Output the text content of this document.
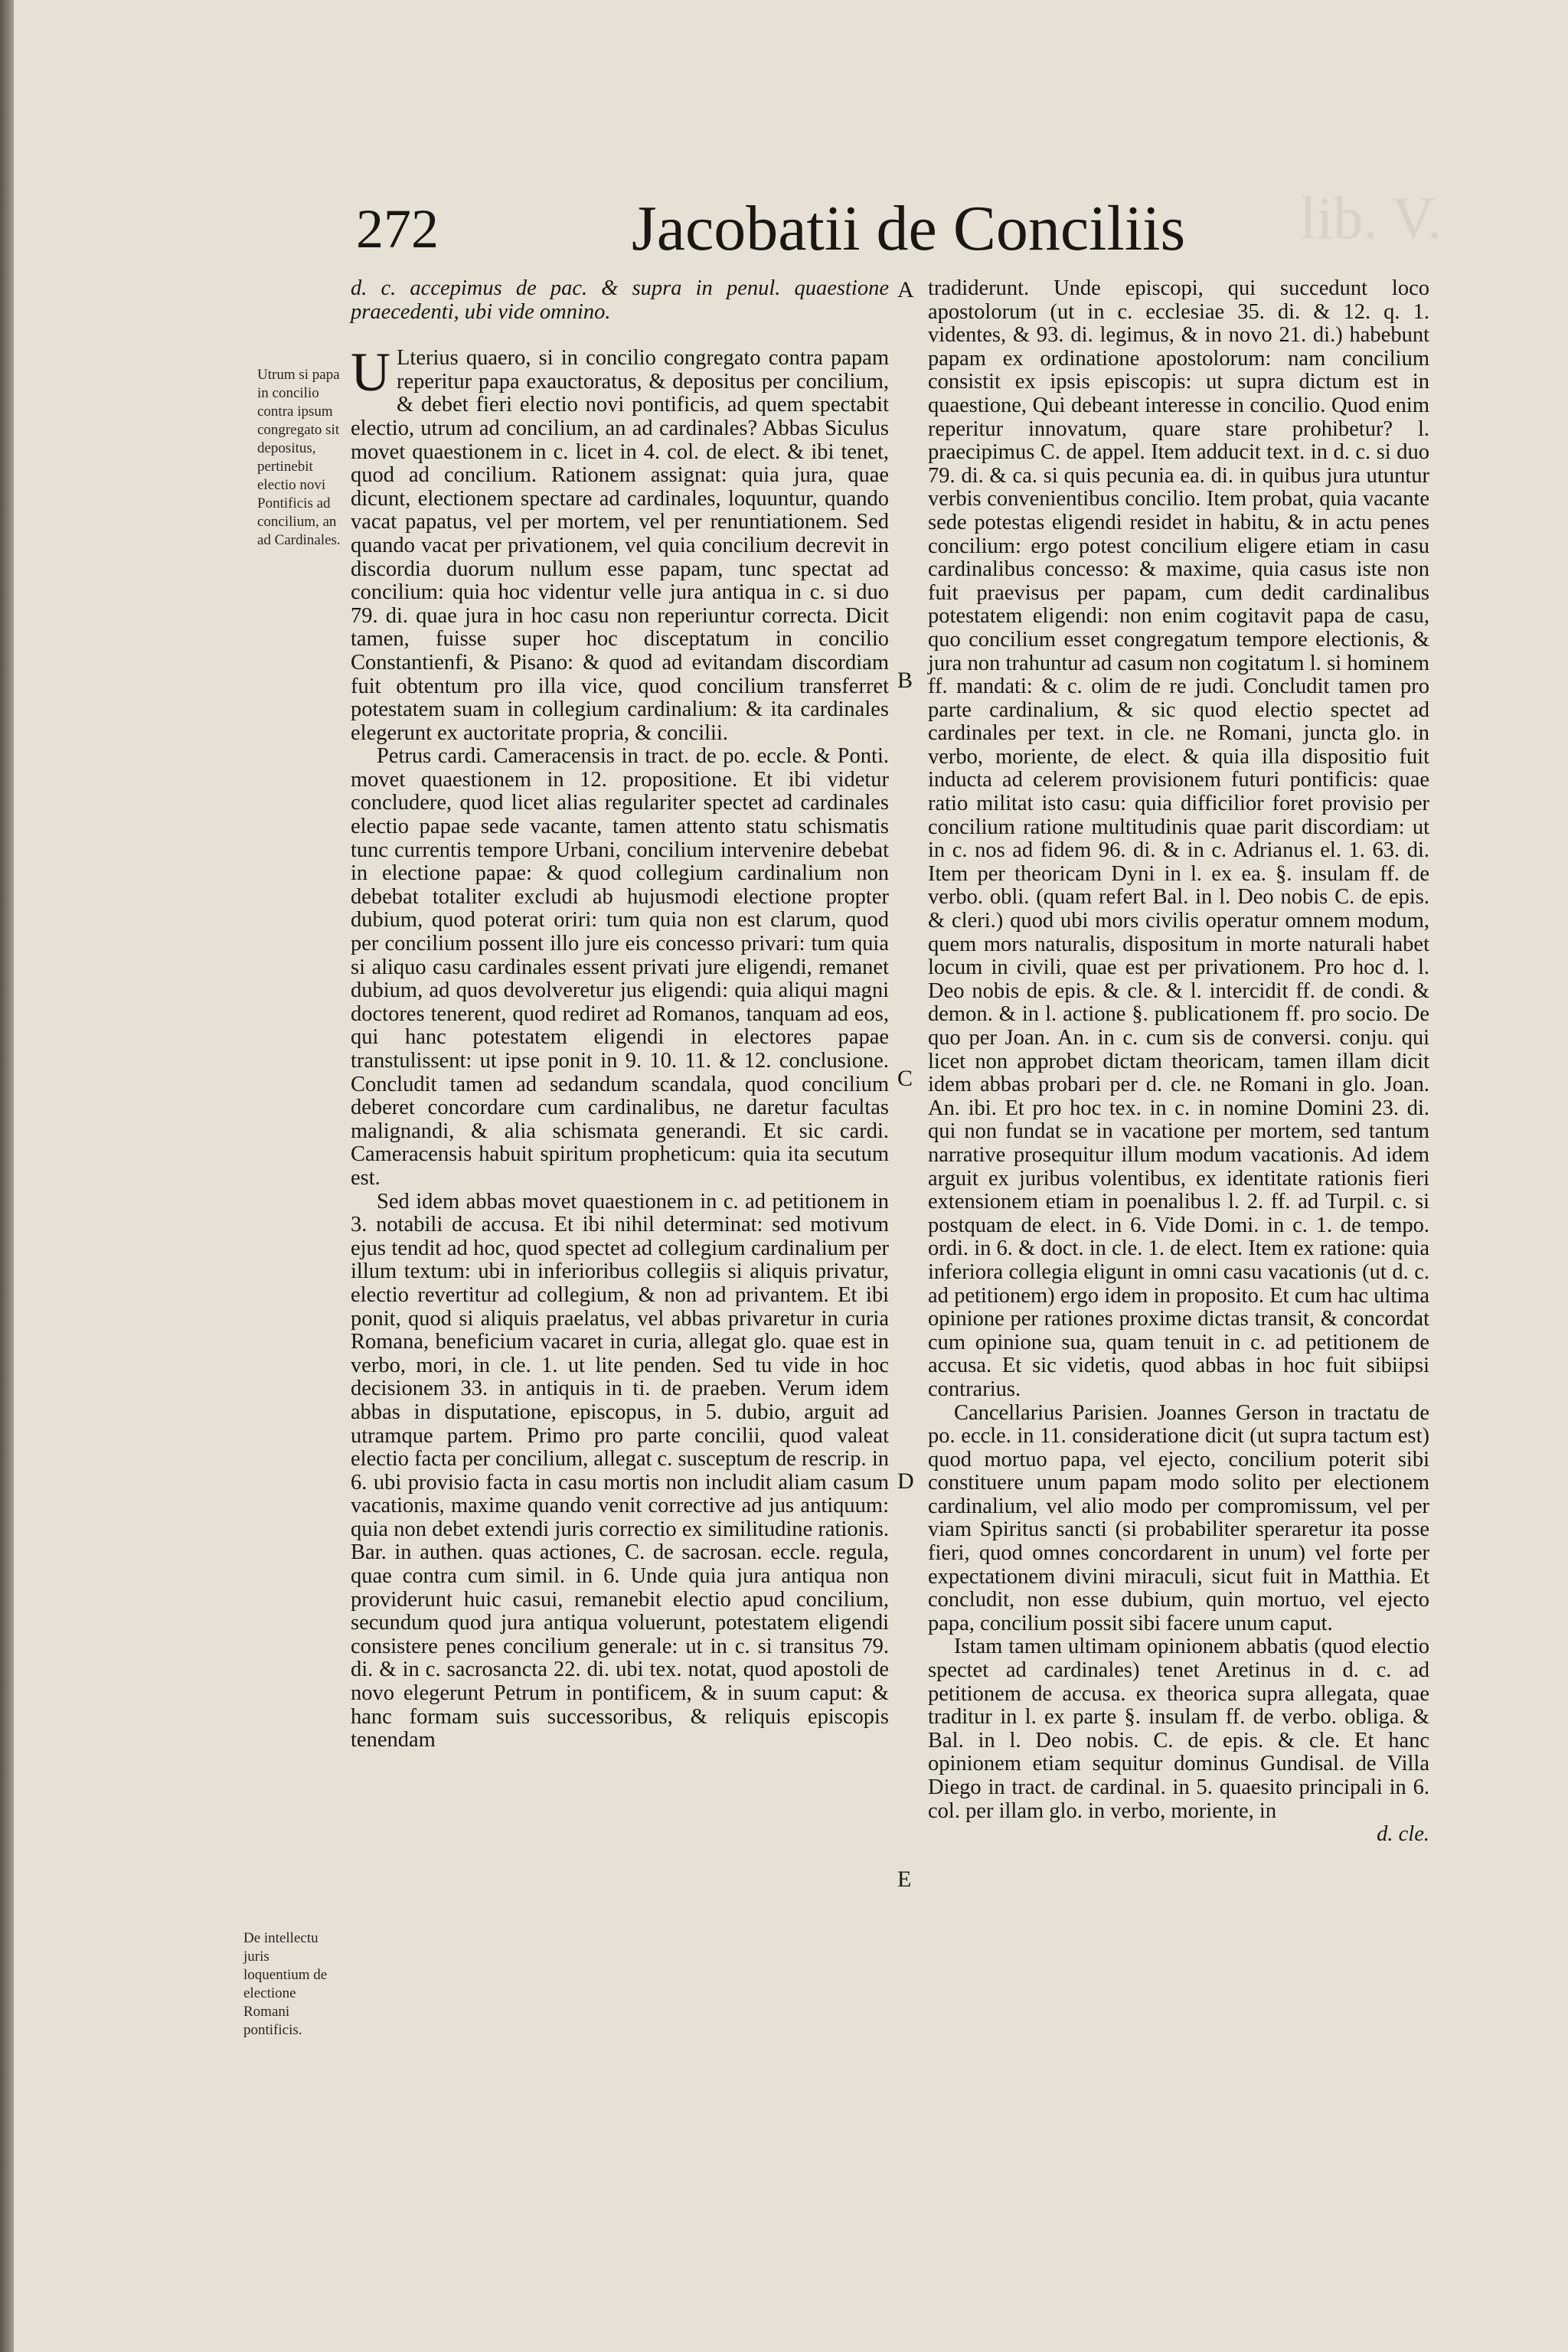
lib. V.
272	Jacobatii de Conciliis
Utrum si papa in concilio contra ipsum congregato sit depositus, pertinebit electio novi Pontificis ad concilium, an ad Cardinales.
De intellectu juris loquentium de electione Romani pontificis.
A
B
C
D
E

d. c. accepimus de pac. & supra in penul. quaestione praecedenti, ubi vide omnino.

U Lterius quaero, si in concilio congregato contra papam reperitur papa exauctoratus, & depositus per concilium, & debet fieri electio novi pontificis, ad quem spectabit electio, utrum ad concilium, an ad cardinales? Abbas Siculus movet quaestionem in c. licet in 4. col. de elect. & ibi tenet, quod ad concilium. Rationem assignat: quia jura, quae dicunt, electionem spectare ad cardinales, loquuntur, quando vacat papatus, vel per mortem, vel per renuntiationem. Sed quando vacat per privationem, vel quia concilium decrevit in discordia duorum nullum esse papam, tunc spectat ad concilium: quia hoc videntur velle jura antiqua in c. si duo 79. di. quae jura in hoc casu non reperiuntur correcta. Dicit tamen, fuisse super hoc disceptatum in concilio Constantienfi, & Pisano: & quod ad evitandam discordiam fuit obtentum pro illa vice, quod concilium transferret potestatem suam in collegium cardinalium: & ita cardinales elegerunt ex auctoritate propria, & concilii.

Petrus cardi. Cameracensis in tract. de po. eccle. & Ponti. movet quaestionem in 12. propositione. Et ibi videtur concludere, quod licet alias regulariter spectet ad cardinales electio papae sede vacante, tamen attento statu schismatis tunc currentis tempore Urbani, concilium intervenire debebat in electione papae: & quod collegium cardinalium non debebat totaliter excludi ab hujusmodi electione propter dubium, quod poterat oriri: tum quia non est clarum, quod per concilium possent illo jure eis concesso privari: tum quia si aliquo casu cardinales essent privati jure eligendi, remanet dubium, ad quos devolveretur jus eligendi: quia aliqui magni doctores tenerent, quod rediret ad Romanos, tanquam ad eos, qui hanc potestatem eligendi in electores papae transtulissent: ut ipse ponit in 9. 10. 11. & 12. conclusione. Concludit tamen ad sedandum scandala, quod concilium deberet concordare cum cardinalibus, ne daretur facultas malignandi, & alia schismata generandi. Et sic cardi. Cameracensis habuit spiritum propheticum: quia ita secutum est.

Sed idem abbas movet quaestionem in c. ad petitionem in 3. notabili de accusa. Et ibi nihil determinat: sed motivum ejus tendit ad hoc, quod spectet ad collegium cardinalium per illum textum: ubi in inferioribus collegiis si aliquis privatur, electio revertitur ad collegium, & non ad privantem. Et ibi ponit, quod si aliquis praelatus, vel abbas privaretur in curia Romana, beneficium vacaret in curia, allegat glo. quae est in verbo, mori, in cle. 1. ut lite penden. Sed tu vide in hoc decisionem 33. in antiquis in ti. de praeben. Verum idem abbas in disputatione, episcopus, in 5. dubio, arguit ad utramque partem. Primo pro parte concilii, quod valeat electio facta per concilium, allegat c. susceptum de rescrip. in 6. ubi provisio facta in casu mortis non includit aliam casum vacationis, maxime quando venit corrective ad jus antiquum: quia non debet extendi juris correctio ex similitudine rationis. Bar. in authen. quas actiones, C. de sacrosan. eccle. regula, quae contra cum simil. in 6. Unde quia jura antiqua non providerunt huic casui, remanebit electio apud concilium, secundum quod jura antiqua voluerunt, potestatem eligendi consistere penes concilium generale: ut in c. si transitus 79. di. & in c. sacrosancta 22. di. ubi tex. notat, quod apostoli de novo elegerunt Petrum in pontificem, & in suum caput: & hanc formam suis successoribus, & reliquis episcopis tenendam

tradiderunt. Unde episcopi, qui succedunt loco apostolorum (ut in c. ecclesiae 35. di. & 12. q. 1. videntes, & 93. di. legimus, & in novo 21. di.) habebunt papam ex ordinatione apostolorum: nam concilium consistit ex ipsis episcopis: ut supra dictum est in quaestione, Qui debeant interesse in concilio. Quod enim reperitur innovatum, quare stare prohibetur? l. praecipimus C. de appel. Item adducit text. in d. c. si duo 79. di. & ca. si quis pecunia ea. di. in quibus jura utuntur verbis convenientibus concilio. Item probat, quia vacante sede potestas eligendi residet in habitu, & in actu penes concilium: ergo potest concilium eligere etiam in casu cardinalibus concesso: & maxime, quia casus iste non fuit praevisus per papam, cum dedit cardinalibus potestatem eligendi: non enim cogitavit papa de casu, quo concilium esset congregatum tempore electionis, & jura non trahuntur ad casum non cogitatum l. si hominem ff. mandati: & c. olim de re judi. Concludit tamen pro parte cardinalium, & sic quod electio spectet ad cardinales per text. in cle. ne Romani, juncta glo. in verbo, moriente, de elect. & quia illa dispositio fuit inducta ad celerem provisionem futuri pontificis: quae ratio militat isto casu: quia difficilior foret provisio per concilium ratione multitudinis quae parit discordiam: ut in c. nos ad fidem 96. di. & in c. Adrianus el. 1. 63. di. Item per theoricam Dyni in l. ex ea. §. insulam ff. de verbo. obli. (quam refert Bal. in l. Deo nobis C. de epis. & cleri.) quod ubi mors civilis operatur omnem modum, quem mors naturalis, dispositum in morte naturali habet locum in civili, quae est per privationem. Pro hoc d. l. Deo nobis de epis. & cle. & l. intercidit ff. de condi. & demon. & in l. actione §. publicationem ff. pro socio. De quo per Joan. An. in c. cum sis de conversi. conju. qui licet non approbet dictam theoricam, tamen illam dicit idem abbas probari per d. cle. ne Romani in glo. Joan. An. ibi. Et pro hoc tex. in c. in nomine Domini 23. di. qui non fundat se in vacatione per mortem, sed tantum narrative prosequitur illum modum vacationis. Ad idem arguit ex juribus volentibus, ex identitate rationis fieri extensionem etiam in poenalibus l. 2. ff. ad Turpil. c. si postquam de elect. in 6. Vide Domi. in c. 1. de tempo. ordi. in 6. & doct. in cle. 1. de elect. Item ex ratione: quia inferiora collegia eligunt in omni casu vacationis (ut d. c. ad petitionem) ergo idem in proposito. Et cum hac ultima opinione per rationes proxime dictas transit, & concordat cum opinione sua, quam tenuit in c. ad petitionem de accusa. Et sic videtis, quod abbas in hoc fuit sibiipsi contrarius.

Cancellarius Parisien. Joannes Gerson in tractatu de po. eccle. in 11. consideratione dicit (ut supra tactum est) quod mortuo papa, vel ejecto, concilium poterit sibi constituere unum papam modo solito per electionem cardinalium, vel alio modo per compromissum, vel per viam Spiritus sancti (si probabiliter speraretur ita posse fieri, quod omnes concordarent in unum) vel forte per expectationem divini miraculi, sicut fuit in Matthia. Et concludit, non esse dubium, quin mortuo, vel ejecto papa, concilium possit sibi facere unum caput.

Istam tamen ultimam opinionem abbatis (quod electio spectet ad cardinales) tenet Aretinus in d. c. ad petitionem de accusa. ex theorica supra allegata, quae traditur in l. ex parte §. insulam ff. de verbo. obliga. & Bal. in l. Deo nobis. C. de epis. & cle. Et hanc opinionem etiam sequitur dominus Gundisal. de Villa Diego in tract. de cardinal. in 5. quaesito principali in 6. col. per illam glo. in verbo, moriente, in

d. cle.
